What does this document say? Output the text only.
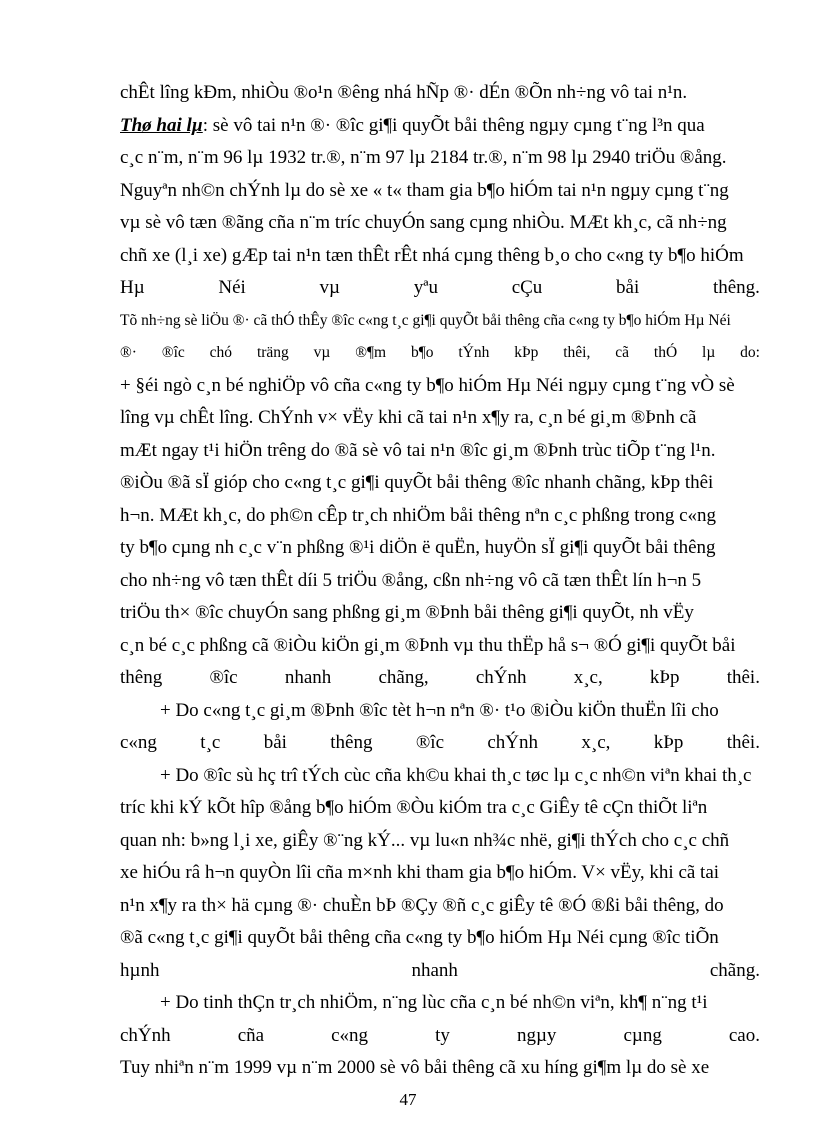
chÊt lîng kÐm, nhiÒu ®o¹n ®êng nhá hÑp ®· dÉn ®Õn nh÷ng vô tai n¹n.
Thø hai lµ: sè vô tai n¹n ®· ®îc gi¶i quyÕt båi thêng ngµy cµng t¨ng l³n qua
c¸c n¨m, n¨m 96 lµ 1932 tr.®, n¨m 97 lµ 2184 tr.®, n¨m 98 lµ 2940 triÖu ®ång.
Nguyªn nh©n chÝnh lµ do sè xe « t« tham gia b¶o hiÓm tai n¹n ngµy cµng t¨ng
vµ sè vô tæn ®ãng cña n¨m tríc chuyÓn sang cµng nhiÒu. MÆt kh¸c, cã nh÷ng
chñ xe (l¸i xe) gÆp tai n¹n tæn thÊt rÊt nhá cµng thêng b¸o cho c«ng ty b¶o hiÓm
Hµ	Néi	vµ	yªu	cÇu	båi	thêng.
Tõ nh÷ng sè liÖu ®· cã thÓ thÊy ®îc c«ng t¸c gi¶i quyÕt båi thêng cña c«ng ty b¶o hiÓm Hµ Néi
®· ®îc chó träng vµ ®¶m b¶o tÝnh kÞp thêi, cã thÓ lµ do:
+ §éi ngò c¸n bé nghiÖp vô cña c«ng ty b¶o hiÓm Hµ Néi ngµy cµng t¨ng vÒ sè
lîng vµ chÊt lîng. ChÝnh v× vËy khi cã tai n¹n x¶y ra, c¸n bé gi¸m ®Þnh cã
mÆt ngay t¹i hiÖn trêng do ®ã sè vô tai n¹n ®îc gi¸m ®Þnh trùc tiÕp t¨ng l¹n.
®iÒu ®ã sÏ gióp cho c«ng t¸c gi¶i quyÕt båi thêng ®îc nhanh chãng, kÞp thêi
h¬n. MÆt kh¸c, do ph©n cÊp tr¸ch nhiÖm båi thêng nªn c¸c phßng trong c«ng
ty b¶o cµng nh c¸c v¨n phßng ®¹i diÖn ë quËn, huyÖn sÏ gi¶i quyÕt båi thêng
cho nh÷ng vô tæn thÊt díi 5 triÖu ®ång, cßn nh÷ng vô cã tæn thÊt lín h¬n 5
triÖu th× ®îc chuyÓn sang phßng gi¸m ®Þnh båi thêng gi¶i quyÕt, nh vËy
c¸n bé c¸c phßng cã ®iÒu kiÖn gi¸m ®Þnh vµ thu thËp hå s¬ ®Ó gi¶i quyÕt båi
thêng ®îc nhanh chãng, chÝnh x¸c, kÞp thêi.
+ Do c«ng t¸c gi¸m ®Þnh ®îc tèt h¬n nªn ®· t¹o ®iÒu kiÖn thuËn lîi cho
c«ng t¸c båi thêng ®îc chÝnh x¸c, kÞp thêi.
+ Do ®îc sù hç trî tÝch cùc cña kh©u khai th¸c tøc lµ c¸c nh©n viªn khai th¸c
tríc khi kÝ kÕt hîp ®ång b¶o hiÓm ®Òu kiÓm tra c¸c GiÊy tê cÇn thiÕt liªn
quan nh: b»ng l¸i xe, giÊy ®¨ng kÝ... vµ lu«n nh¾c nhë, gi¶i thÝch cho c¸c chñ
xe hiÓu râ h¬n quyÒn lîi cña m×nh khi tham gia b¶o hiÓm. V× vËy, khi cã tai
n¹n x¶y ra th× hä cµng ®· chuÈn bÞ ®Çy ®ñ c¸c giÊy tê ®Ó ®ßi båi thêng, do
®ã c«ng t¸c gi¶i quyÕt båi thêng cña c«ng ty b¶o hiÓm Hµ Néi cµng ®îc tiÕn
hµnh	nhanh	chãng.
+ Do tinh thÇn tr¸ch nhiÖm, n¨ng lùc cña c¸n bé nh©n viªn, kh¶ n¨ng t¹i
chÝnh	cña	c«ng	ty	ngµy	cµng	cao.
Tuy nhiªn n¨m 1999 vµ n¨m 2000 sè vô båi thêng cã xu híng gi¶m lµ do sè xe
47
